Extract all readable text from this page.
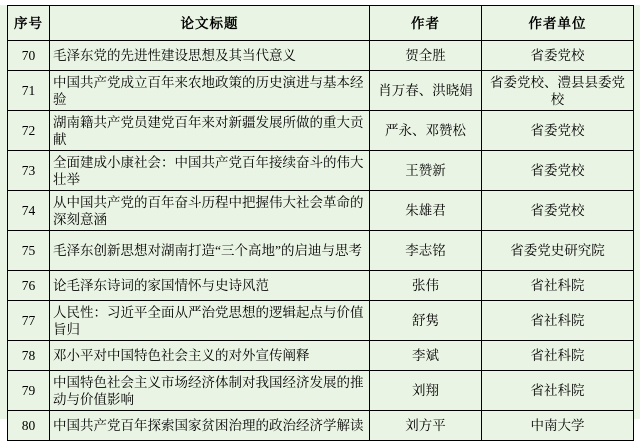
序号	论文标题	作者	作者单位
70	毛泽东党的先进性建设思想及其当代意义	贺全胜	省委党校
71	中国共产党成立百年来农地政策的历史演进与基本经验	肖万春、洪晓娟	省委党校、澧县县委党校
72	湖南籍共产党员建党百年来对新疆发展所做的重大贡献	严永、邓赞松	省委党校
73	全面建成小康社会：中国共产党百年接续奋斗的伟大壮举	王赞新	省委党校
74	从中国共产党的百年奋斗历程中把握伟大社会革命的深刻意涵	朱雄君	省委党校
75	毛泽东创新思想对湖南打造“三个高地”的启迪与思考	李志铭	省委党史研究院
76	论毛泽东诗词的家国情怀与史诗风范	张伟	省社科院
77	人民性：习近平全面从严治党思想的逻辑起点与价值旨归	舒隽	省社科院
78	邓小平对中国特色社会主义的对外宣传阐释	李斌	省社科院
79	中国特色社会主义市场经济体制对我国经济发展的推动与价值影响	刘翔	省社科院
80	中国共产党百年探索国家贫困治理的政治经济学解读	刘方平	中南大学
